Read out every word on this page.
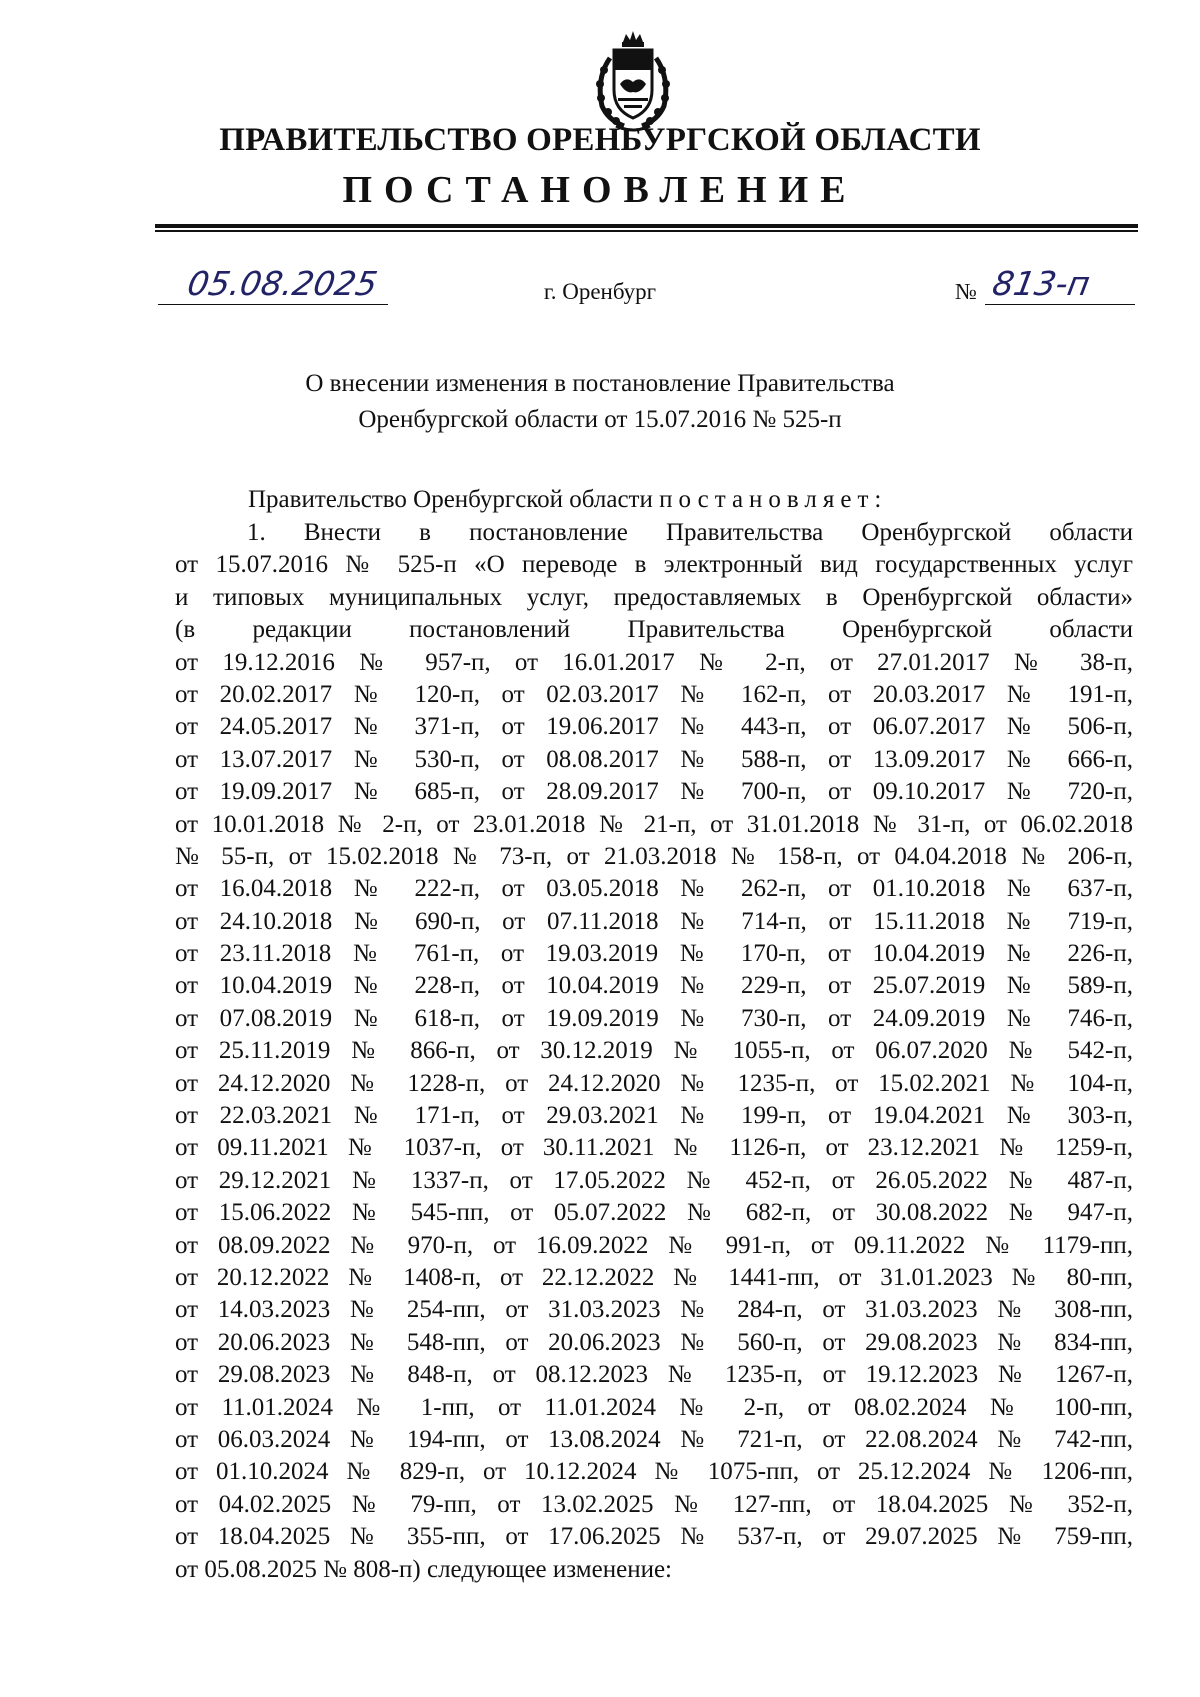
ПРАВИТЕЛЬСТВО ОРЕНБУРГСКОЙ ОБЛАСТИ
ПОСТАНОВЛЕНИЕ
05.08.2025	г. Оренбург	№ 813-п
О внесении изменения в постановление Правительства
Оренбургской области от 15.07.2016 № 525-п
Правительство Оренбургской области постановляет:
1. Внести в постановление Правительства Оренбургской области
от 15.07.2016 № 525-п «О переводе в электронный вид государственных услуг
и типовых муниципальных услуг, предоставляемых в Оренбургской области»
(в редакции постановлений Правительства Оренбургской области
от 19.12.2016 № 957-п, от 16.01.2017 № 2-п, от 27.01.2017 № 38-п,
от 20.02.2017 № 120-п, от 02.03.2017 № 162-п, от 20.03.2017 № 191-п,
от 24.05.2017 № 371-п, от 19.06.2017 № 443-п, от 06.07.2017 № 506-п,
от 13.07.2017 № 530-п, от 08.08.2017 № 588-п, от 13.09.2017 № 666-п,
от 19.09.2017 № 685-п, от 28.09.2017 № 700-п, от 09.10.2017 № 720-п,
от 10.01.2018 № 2-п, от 23.01.2018 № 21-п, от 31.01.2018 № 31-п, от 06.02.2018
№ 55-п, от 15.02.2018 № 73-п, от 21.03.2018 № 158-п, от 04.04.2018 № 206-п,
от 16.04.2018 № 222-п, от 03.05.2018 № 262-п, от 01.10.2018 № 637-п,
от 24.10.2018 № 690-п, от 07.11.2018 № 714-п, от 15.11.2018 № 719-п,
от 23.11.2018 № 761-п, от 19.03.2019 № 170-п, от 10.04.2019 № 226-п,
от 10.04.2019 № 228-п, от 10.04.2019 № 229-п, от 25.07.2019 № 589-п,
от 07.08.2019 № 618-п, от 19.09.2019 № 730-п, от 24.09.2019 № 746-п,
от 25.11.2019 № 866-п, от 30.12.2019 № 1055-п, от 06.07.2020 № 542-п,
от 24.12.2020 № 1228-п, от 24.12.2020 № 1235-п, от 15.02.2021 № 104-п,
от 22.03.2021 № 171-п, от 29.03.2021 № 199-п, от 19.04.2021 № 303-п,
от 09.11.2021 № 1037-п, от 30.11.2021 № 1126-п, от 23.12.2021 № 1259-п,
от 29.12.2021 № 1337-п, от 17.05.2022 № 452-п, от 26.05.2022 № 487-п,
от 15.06.2022 № 545-пп, от 05.07.2022 № 682-п, от 30.08.2022 № 947-п,
от 08.09.2022 № 970-п, от 16.09.2022 № 991-п, от 09.11.2022 № 1179-пп,
от 20.12.2022 № 1408-п, от 22.12.2022 № 1441-пп, от 31.01.2023 № 80-пп,
от 14.03.2023 № 254-пп, от 31.03.2023 № 284-п, от 31.03.2023 № 308-пп,
от 20.06.2023 № 548-пп, от 20.06.2023 № 560-п, от 29.08.2023 № 834-пп,
от 29.08.2023 № 848-п, от 08.12.2023 № 1235-п, от 19.12.2023 № 1267-п,
от 11.01.2024 № 1-пп, от 11.01.2024 № 2-п, от 08.02.2024 № 100-пп,
от 06.03.2024 № 194-пп, от 13.08.2024 № 721-п, от 22.08.2024 № 742-пп,
от 01.10.2024 № 829-п, от 10.12.2024 № 1075-пп, от 25.12.2024 № 1206-пп,
от 04.02.2025 № 79-пп, от 13.02.2025 № 127-пп, от 18.04.2025 № 352-п,
от 18.04.2025 № 355-пп, от 17.06.2025 № 537-п, от 29.07.2025 № 759-пп,
от 05.08.2025 № 808-п) следующее изменение:
